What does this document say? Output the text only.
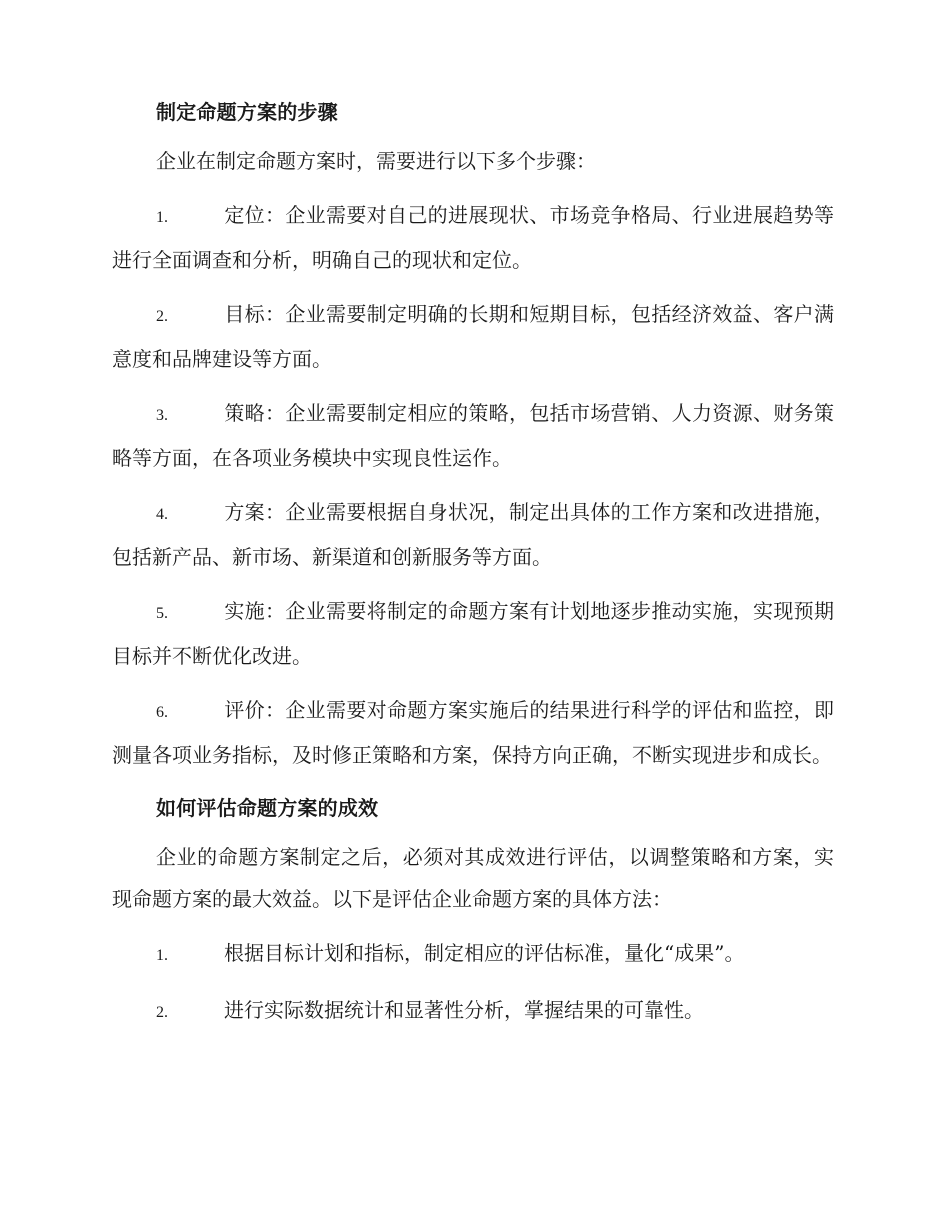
制定命题方案的步骤

企业在制定命题方案时，需要进行以下多个步骤：

1.	定位：企业需要对自己的进展现状、市场竞争格局、行业进展趋势等进行全面调查和分析，明确自己的现状和定位。

2.	目标：企业需要制定明确的长期和短期目标，包括经济效益、客户满意度和品牌建设等方面。

3.	策略：企业需要制定相应的策略，包括市场营销、人力资源、财务策略等方面，在各项业务模块中实现良性运作。

4.	方案：企业需要根据自身状况，制定出具体的工作方案和改进措施，包括新产品、新市场、新渠道和创新服务等方面。

5.	实施：企业需要将制定的命题方案有计划地逐步推动实施，实现预期目标并不断优化改进。

6.	评价：企业需要对命题方案实施后的结果进行科学的评估和监控，即测量各项业务指标，及时修正策略和方案，保持方向正确，不断实现进步和成长。

如何评估命题方案的成效

企业的命题方案制定之后，必须对其成效进行评估，以调整策略和方案，实现命题方案的最大效益。以下是评估企业命题方案的具体方法：

1.	根据目标计划和指标，制定相应的评估标准，量化“成果”。

2.	进行实际数据统计和显著性分析，掌握结果的可靠性。
